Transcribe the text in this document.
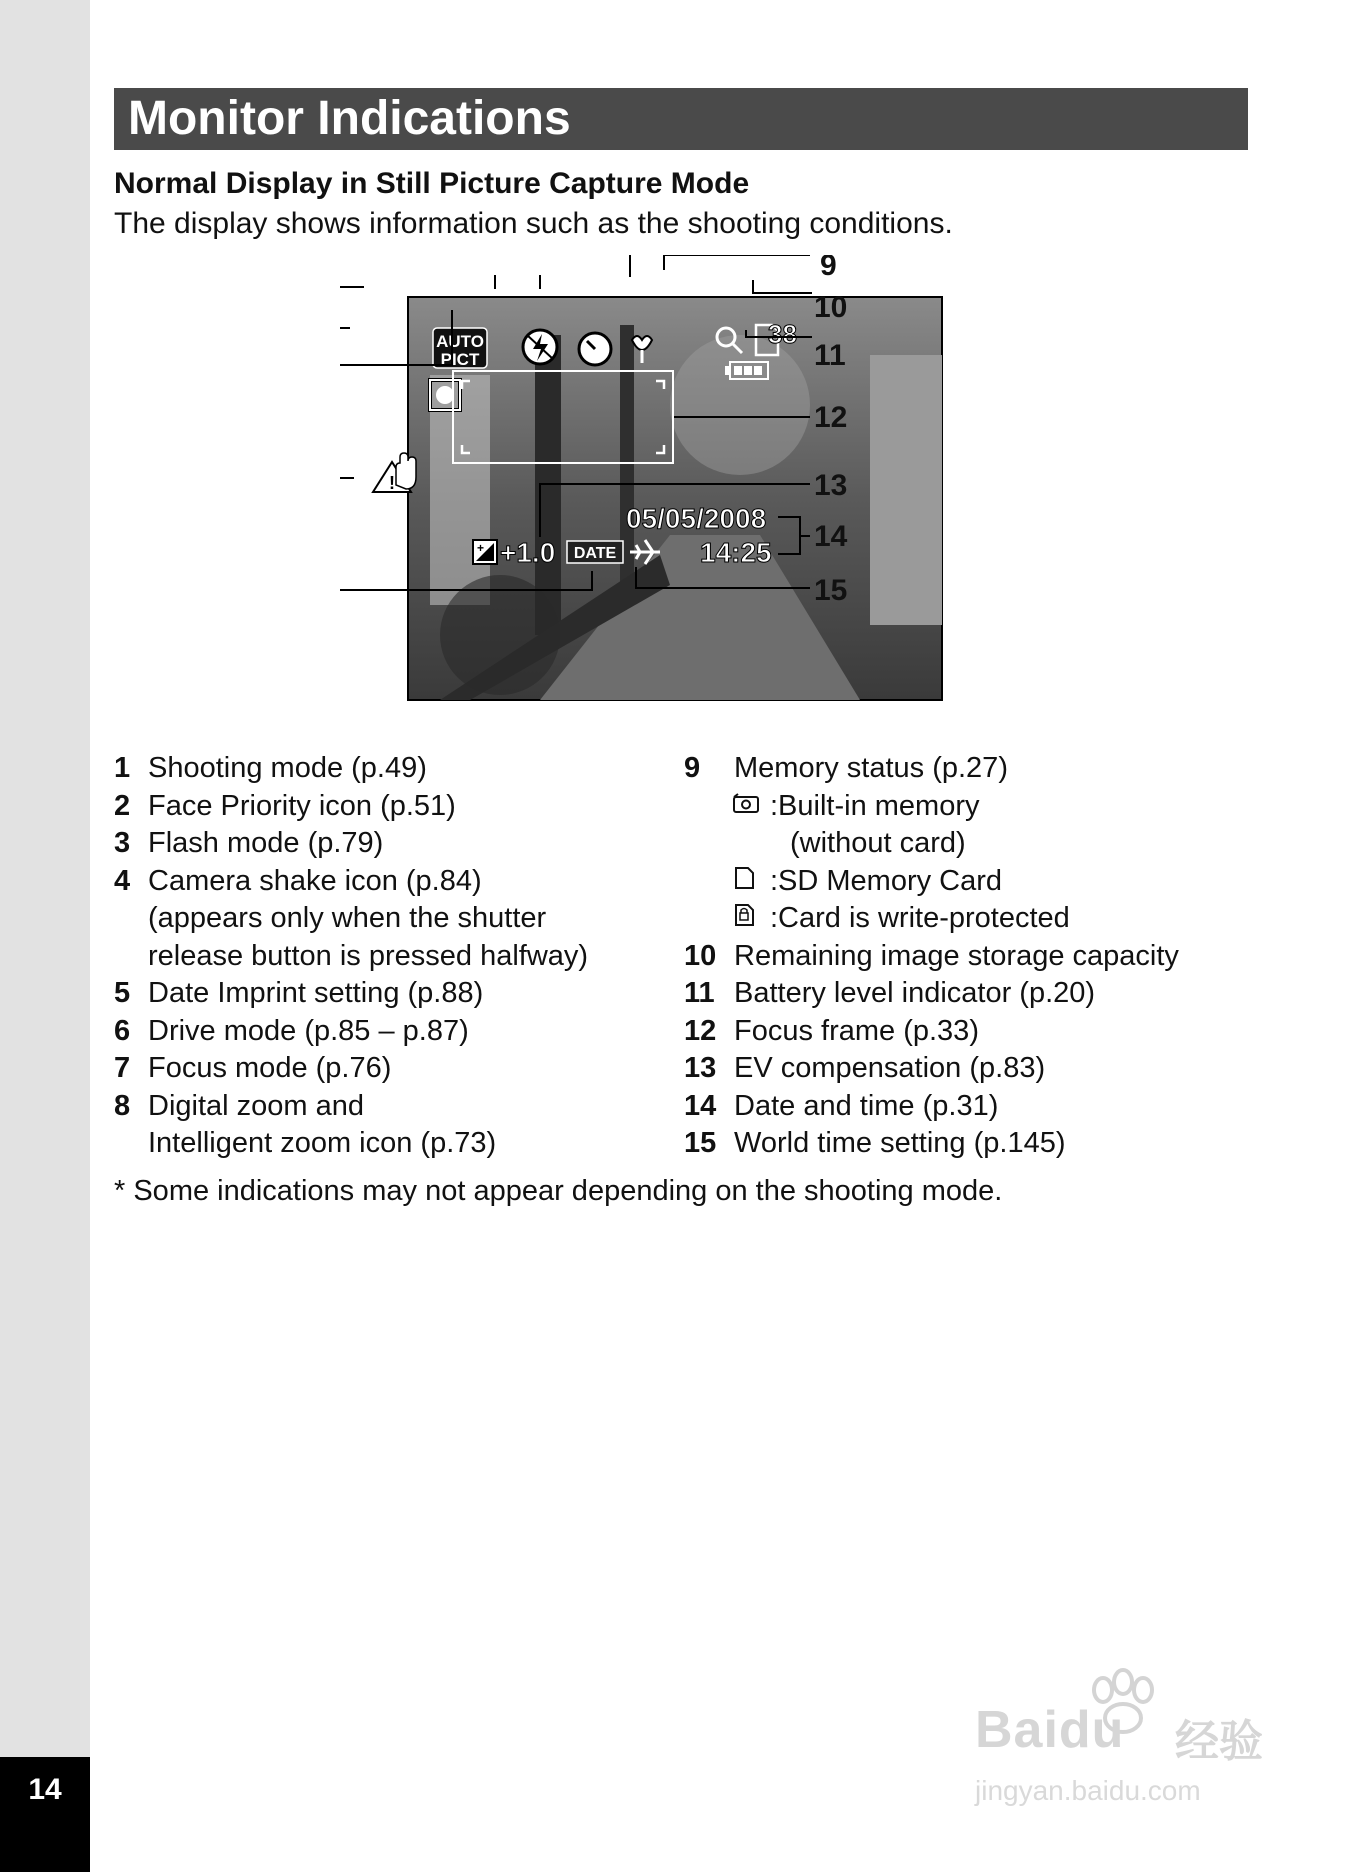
14
Monitor Indications
Normal Display in Still Picture Capture Mode
The display shows information such as the shooting conditions.
AUTO
PICT
38
!
+ +1.0 DATE
05/05/2008
14:25
9
10
11
12
13
14
15
1 Shooting mode (p.49)
2 Face Priority icon (p.51)
3 Flash mode (p.79)
4 Camera shake icon (p.84)
(appears only when the shutter
release button is pressed halfway)
5 Date Imprint setting (p.88)
6 Drive mode (p.85 – p.87)
7 Focus mode (p.76)
8 Digital zoom and
Intelligent zoom icon (p.73)
9 Memory status (p.27)
:Built-in memory
(without card)
:SD Memory Card
:Card is write-protected
10 Remaining image storage capacity
11 Battery level indicator (p.20)
12 Focus frame (p.33)
13 EV compensation (p.83)
14 Date and time (p.31)
15 World time setting (p.145)
* Some indications may not appear depending on the shooting mode.
Baidu 经验
jingyan.baidu.com
